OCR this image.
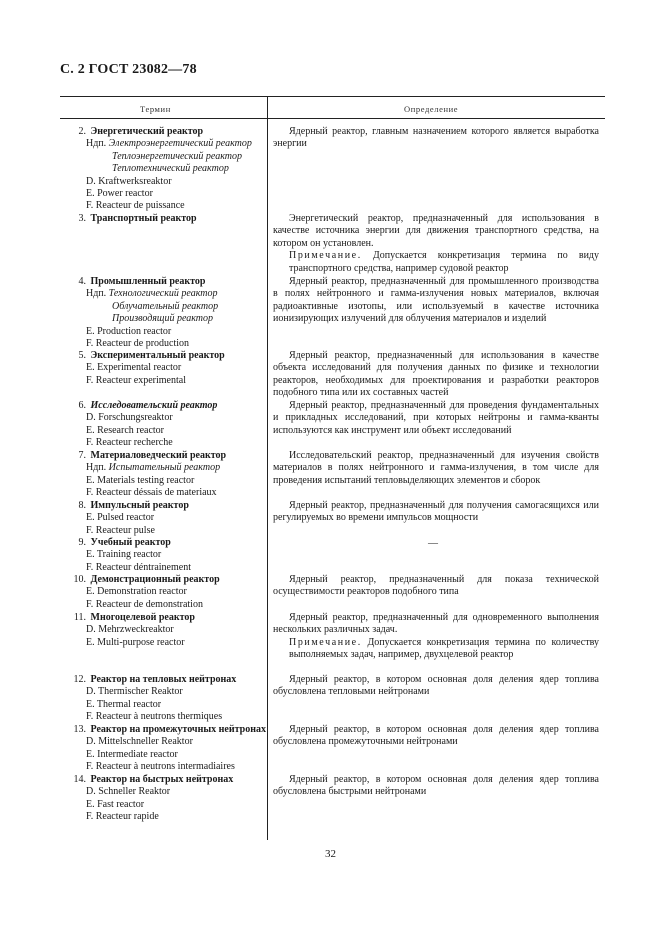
С. 2 ГОСТ 23082—78
Термин	Определение
2. Энергетический реактор
Ндп. Электроэнергетический реактор
Теплоэнергетический реактор
Теплотехнический реактор
D. Kraftwerksreaktor
E. Power reactor
F. Reacteur de puissance

Ядерный реактор, главным назначением которого является выработка энергии

3. Транспортный реактор	Энергетический реактор, предназначенный для использования в качестве источника энергии для движения транспортного средства, на котором он установлен.

Примечание. Допускается конкретизация термина по виду транспортного средства, например судовой реактор

4. Промышленный реактор
Ндп. Технологический реактор
Облучательный реактор
Производящий реактор
E. Production reactor
F. Reacteur de production

Ядерный реактор, предназначенный для промышленного производства в полях нейтронного и гамма-излучения новых материалов, включая радиоактивные изотопы, или используемый в качестве источника ионизирующих излучений для облучения материалов и изделий

5. Экспериментальный реактор
E. Experimental reactor
F. Reacteur experimental

Ядерный реактор, предназначенный для использования в качестве объекта исследований для получения данных по физике и технологии реакторов, необходимых для проектирования и разработки реакторов подобного типа или их составных частей

6. Исследовательский реактор
D. Forschungsreaktor
E. Research reactor
F. Reacteur recherche

Ядерный реактор, предназначенный для проведения фундаментальных и прикладных исследований, при которых нейтроны и гамма-кванты используются как инструмент или объект исследований

7. Материаловедческий реактор
Ндп. Испытательный реактор
E. Materials testing reactor
F. Reacteur déssais de materiaux

Исследовательский реактор, предназначенный для изучения свойств материалов в полях нейтронного и гамма-излучения, в том числе для проведения испытаний тепловыделяющих элементов и сборок

8. Импульсный реактор
E. Pulsed reactor
F. Reacteur pulse

Ядерный реактор, предназначенный для получения самогасящихся или регулируемых во времени импульсов мощности

9. Учебный реактор
E. Training reactor
F. Reacteur déntrainement
—
10. Демонстрационный реактор
E. Demonstration reactor
F. Reacteur de demonstration

Ядерный реактор, предназначенный для показа технической осуществимости реакторов подобного типа

11. Многоцелевой реактор
D. Mehrzweckreaktor
E. Multi-purpose reactor

Ядерный реактор, предназначенный для одновременного выполнения нескольких различных задач.

Примечание. Допускается конкретизация термина по количеству выполняемых задач, например, двухцелевой реактор

12. Реактор на тепловых нейтронах
D. Thermischer Reaktor
E. Thermal reactor
F. Reacteur à neutrons thermiques

Ядерный реактор, в котором основная доля деления ядер топлива обусловлена тепловыми нейтронами

13. Реактор на промежуточных нейтронах
D. Mittelschneller Reaktor
E. Intermediate reactor
F. Reacteur à neutrons intermadiaires

Ядерный реактор, в котором основная доля деления ядер топлива обусловлена промежуточными нейтронами

14. Реактор на быстрых нейтронах
D. Schneller Reaktor
E. Fast reactor
F. Reacteur rapide

Ядерный реактор, в котором основная доля деления ядер топлива обусловлена быстрыми нейтронами

32
